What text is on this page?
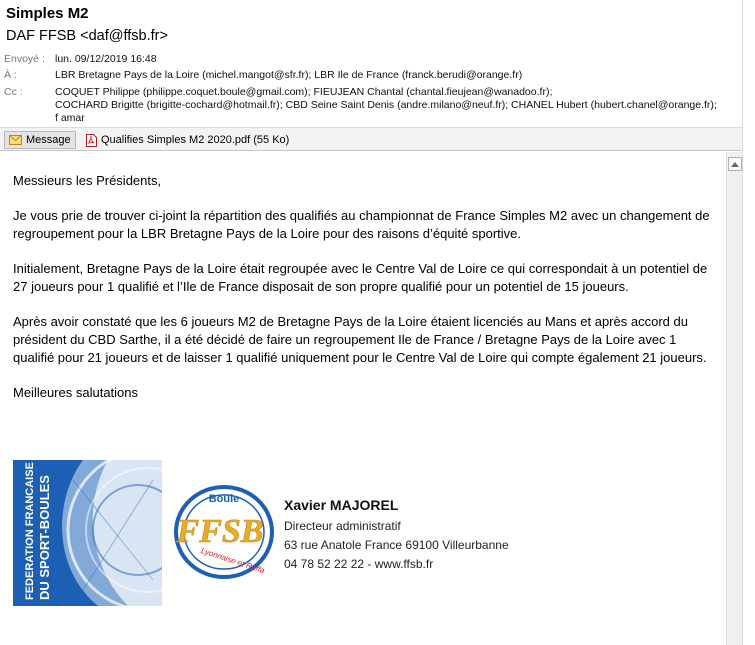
Simples M2
DAF FFSB <daf@ffsb.fr>
Envoyé : lun. 09/12/2019 16:48
À :	LBR Bretagne Pays de la Loire (michel.mangot@sfr.fr); LBR Ile de France (franck.berudi@orange.fr)
Cc :	COQUET Philippe (philippe.coquet.boule@gmail.com); FIEUJEAN Chantal (chantal.fieujean@wanadoo.fr);
COCHARD Brigitte (brigitte-cochard@hotmail.fr); CBD Seine Saint Denis (andre.milano@neuf.fr); CHANEL Hubert (hubert.chanel@orange.fr);
f amar
Message	Qualifies Simples M2 2020.pdf (55 Ko)

Messieurs les Présidents,

Je vous prie de trouver ci-joint la répartition des qualifiés au championnat de France Simples M2 avec un changement de regroupement pour la LBR Bretagne Pays de la Loire pour des raisons d’équité sportive.

Initialement, Bretagne Pays de la Loire était regroupée avec le Centre Val de Loire ce qui correspondait à un potentiel de 27 joueurs pour 1 qualifié et l’Ile de France disposait de son propre qualifié pour un potentiel de 15 joueurs.

Après avoir constaté que les 6 joueurs M2 de Bretagne Pays de la Loire étaient licenciés au Mans et après accord du président du CBD Sarthe, il a été décidé de faire un regroupement Ile de France / Bretagne Pays de la Loire avec 1 qualifié pour 21 joueurs et de laisser 1 qualifié uniquement pour le Centre Val de Loire qui compte également 21 joueurs.

Meilleures salutations

FEDERATION FRANCAISE DU SPORT-BOULES	Boule
FFSB
Lyonnaise et Raffa
Xavier MAJOREL
Directeur administratif
63 rue Anatole France 69100 Villeurbanne
04 78 52 22 22 - www.ffsb.fr
